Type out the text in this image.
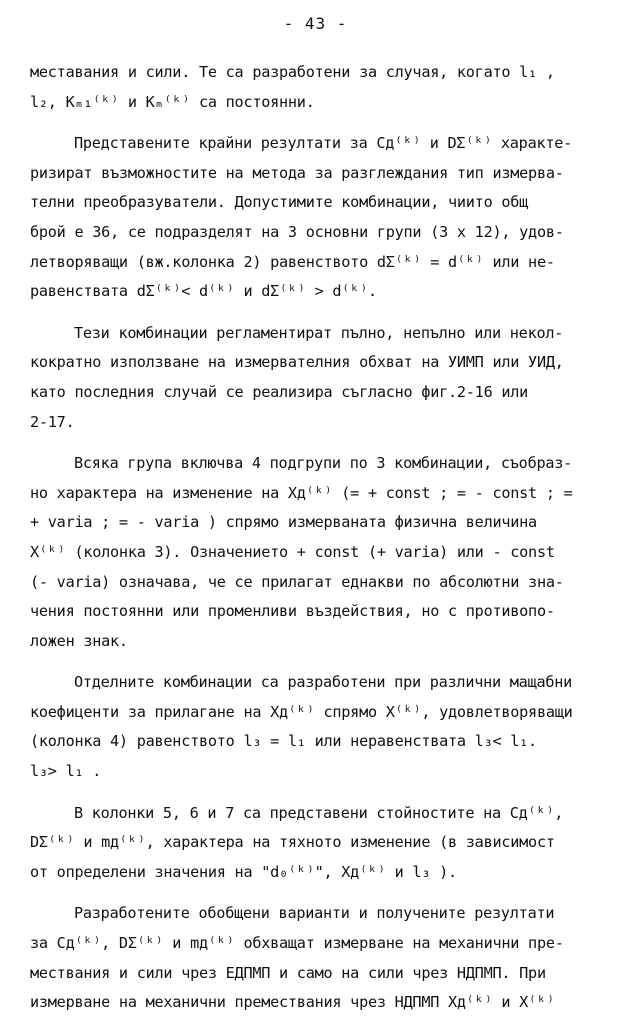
- 43 -
меставания и сили. Те са разработени за случая, когато l₁ ,
l₂, Кₘ₁⁽ᵏ⁾ и Кₘ⁽ᵏ⁾ са постоянни.
Представените крайни резултати за Сд⁽ᵏ⁾ и DΣ⁽ᵏ⁾ характе-
ризират възможностите на метода за разглеждания тип измерва-
телни преобразуватели. Допустимите комбинации, чиито общ
брой е 36, се подразделят на 3 основни групи (3 х 12), удов-
летворяващи (вж.колонка 2) равенството dΣ⁽ᵏ⁾ = d⁽ᵏ⁾ или не-
равенствата dΣ⁽ᵏ⁾< d⁽ᵏ⁾ и dΣ⁽ᵏ⁾ > d⁽ᵏ⁾.
Тези комбинации регламентират пълно, непълно или некол-
кократно използване на измервателния обхват на УИМП или УИД,
като последния случай се реализира съгласно фиг.2-16 или
2-17.
Всяка група включва 4 подгрупи по 3 комбинации, съобраз-
но характера на изменение на Xд⁽ᵏ⁾ (= + const ; = - const ; =
+ varia ; = - varia ) спрямо измерваната физична величина
X⁽ᵏ⁾ (колонка 3). Означението + const (+ varia) или - const
(- varia) означава, че се прилагат еднакви по абсолютни зна-
чения постоянни или променливи въздействия, но с противопо-
ложен знак.
Отделните комбинации са разработени при различни мащабни
коефиценти за прилагане на Xд⁽ᵏ⁾ спрямо X⁽ᵏ⁾, удовлетворяващи
(колонка 4) равенството l₃ = l₁ или неравенствата l₃< l₁.
l₃> l₁ .
В колонки 5, 6 и 7 са представени стойностите на Сд⁽ᵏ⁾,
DΣ⁽ᵏ⁾ и mд⁽ᵏ⁾, характера на тяхното изменение (в зависимост
от определени значения на "d₀⁽ᵏ⁾", Xд⁽ᵏ⁾ и l₃ ).
Разработените обобщени варианти и получените резултати
за Сд⁽ᵏ⁾, DΣ⁽ᵏ⁾ и mд⁽ᵏ⁾ обхващат измерване на механични пре-
мествания и сили чрез ЕДПМП и само на сили чрез НДПМП. При
измерване на механични премествания чрез НДПМП Xд⁽ᵏ⁾ и X⁽ᵏ⁾
